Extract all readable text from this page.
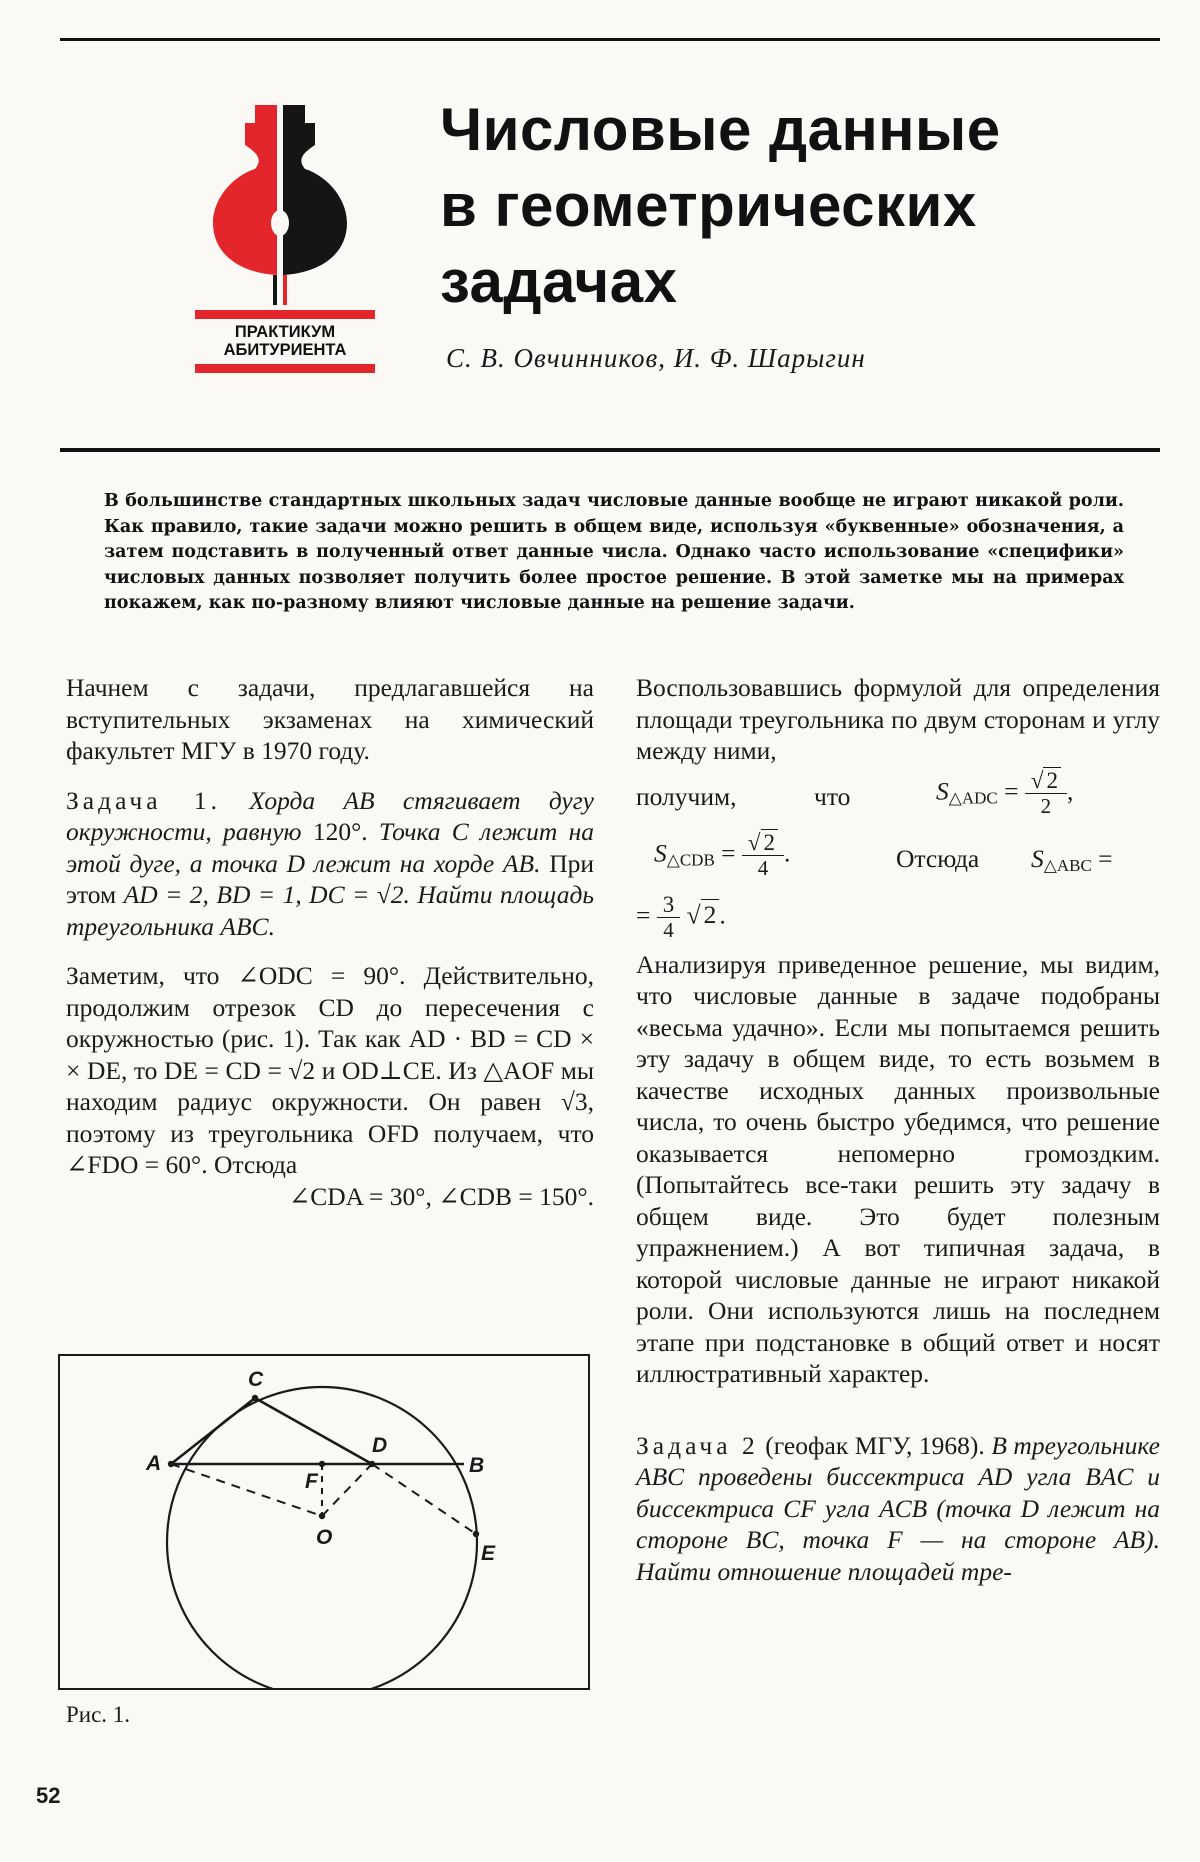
ПРАКТИКУМ
АБИТУРИЕНТА
Числовые данные
в геометрических
задачах
С. В. Овчинников, И. Ф. Шарыгин

В большинстве стандартных школьных задач числовые данные вообще не играют никакой роли. Как правило, такие задачи можно решить в общем виде, используя «буквенные» обозначения, а затем подставить в полученный ответ данные числа. Однако часто использование «специфики» числовых данных позволяет получить более простое решение. В этой заметке мы на примерах покажем, как по-разному влияют числовые данные на решение задачи.

Начнем с задачи, предлагавшейся на вступительных экзаменах на химический факультет МГУ в 1970 году.

Задача 1. Хорда AB стягивает дугу окружности, равную 120°. Точка C лежит на этой дуге, а точка D лежит на хорде AB. При этом AD = 2, BD = 1, DC = √2. Найти площадь треугольника ABC.

Заметим, что ∠ODC = 90°. Действительно, продолжим отрезок CD до пересечения с окружностью (рис. 1). Так как AD · BD = CD × × DE, то DE = CD = √2 и OD⊥CE. Из △AOF мы находим радиус окружности. Он равен √3, поэтому из треугольника OFD получаем, что ∠FDO = 60°. Отсюда

∠CDA = 30°, ∠CDB = 150°.

A	B
C
D
E
F
O
Рис. 1.

Воспользовавшись формулой для определения площади треугольника по двум сторонам и углу между ними,

получим,	что	$S_{\triangle ADC} = \frac{√ 2}{2}$ ,
$S_{\triangle CDB} = \frac{√ 2}{4}$ .	Отсюда $S_{\triangle ABC}$ =
= $\frac{3}{4}$ √ 2 .

Анализируя приведенное решение, мы видим, что числовые данные в задаче подобраны «весьма удачно». Если мы попытаемся решить эту задачу в общем виде, то есть возьмем в качестве исходных данных произвольные числа, то очень быстро убедимся, что решение оказывается непомерно громоздким. (Попытайтесь все-таки решить эту задачу в общем виде. Это будет полезным упражнением.) А вот типичная задача, в которой числовые данные не играют никакой роли. Они используются лишь на последнем этапе при подстановке в общий ответ и носят иллюстративный характер.

Задача 2 (геофак МГУ, 1968). В треугольнике ABC проведены биссектриса AD угла BAC и биссектриса CF угла ACB (точка D лежит на стороне BC, точка F — на стороне AB). Найти отношение площадей тре-

52
